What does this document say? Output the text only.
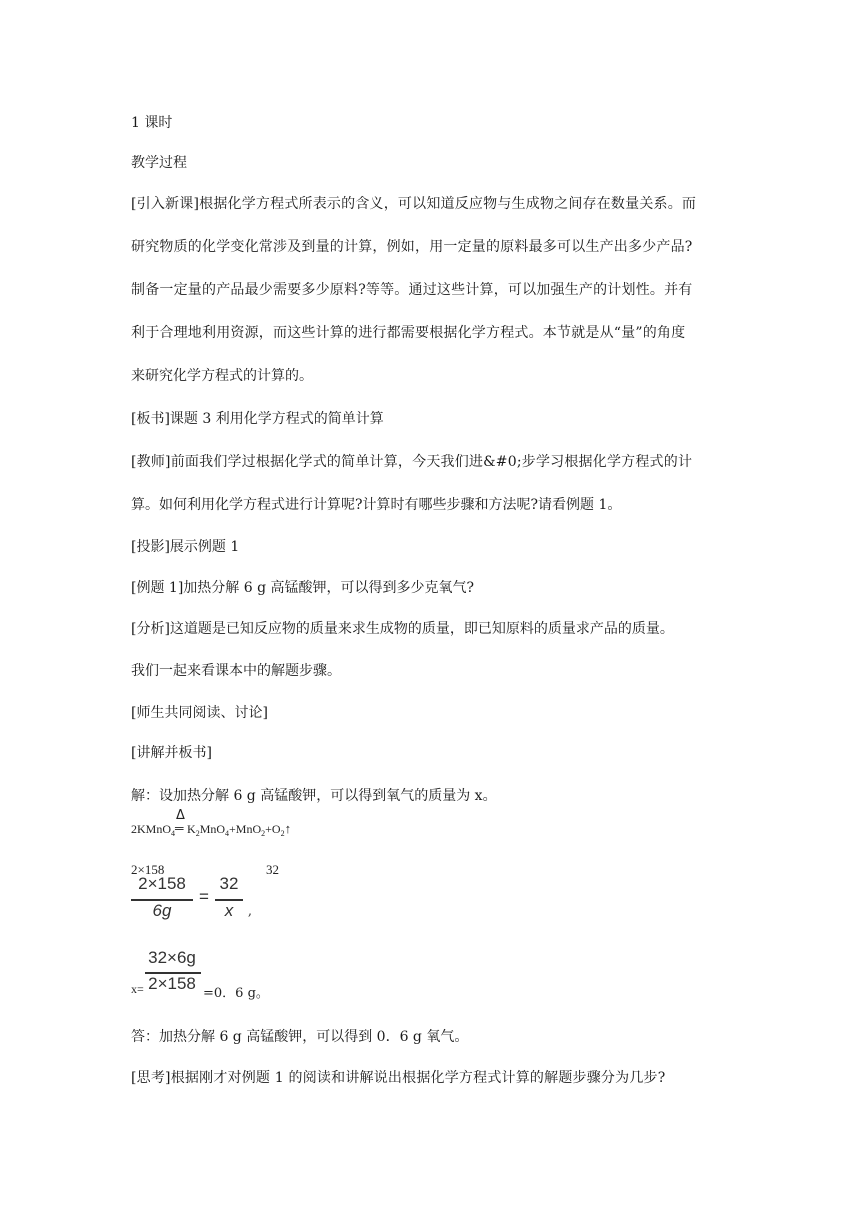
1 课时
教学过程
[引入新课]根据化学方程式所表示的含义，可以知道反应物与生成物之间存在数量关系。而
研究物质的化学变化常涉及到量的计算，例如，用一定量的原料最多可以生产出多少产品?
制备一定量的产品最少需要多少原料?等等。通过这些计算，可以加强生产的计划性。并有
利于合理地利用资源，而这些计算的进行都需要根据化学方程式。本节就是从“量”的角度
来研究化学方程式的计算的。
[板书]课题 3 利用化学方程式的简单计算
[教师]前面我们学过根据化学式的简单计算，今天我们进&#0;步学习根据化学方程式的计
算。如何利用化学方程式进行计算呢?计算时有哪些步骤和方法呢?请看例题 1。
[投影]展示例题 1
[例题 1]加热分解 6 g 高锰酸钾，可以得到多少克氧气?
[分析]这道题是已知反应物的质量来求生成物的质量，即已知原料的质量求产品的质量。
我们一起来看课本中的解题步骤。
[师生共同阅读、讨论]
[讲解并板书]
解：设加热分解 6 g 高锰酸钾，可以得到氧气的质量为 x。
2KMnO$_4$
Δ
═ $K_2MnO_4+MnO_2+O_2↑$
2×158	32
2×158
6g
=
32
x	,
x=
32×6g
2×158
=0．6 g。
答：加热分解 6 g 高锰酸钾，可以得到 0．6 g 氧气。
[思考]根据刚才对例题 1 的阅读和讲解说出根据化学方程式计算的解题步骤分为几步?
